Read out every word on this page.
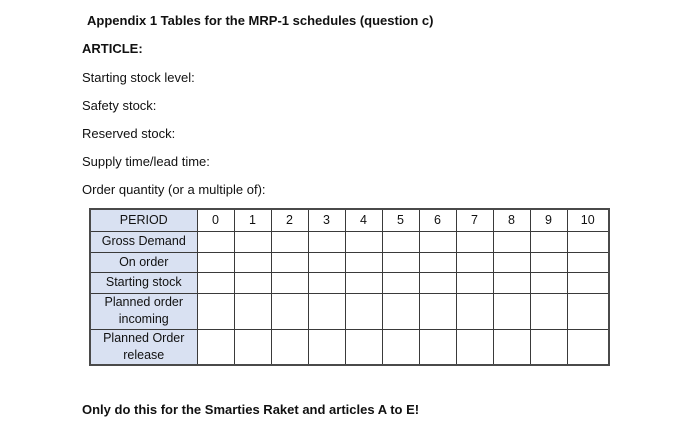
Appendix 1 Tables for the MRP-1 schedules (question c)
ARTICLE:
Starting stock level:
Safety stock:
Reserved stock:
Supply time/lead time:
Order quantity (or a multiple of):
PERIOD	0	1	2	3	4	5	6	7	8	9	10
Gross Demand											
On order											
Starting stock											
Planned order incoming											
Planned Order release											
Only do this for the Smarties Raket and articles A to E!
